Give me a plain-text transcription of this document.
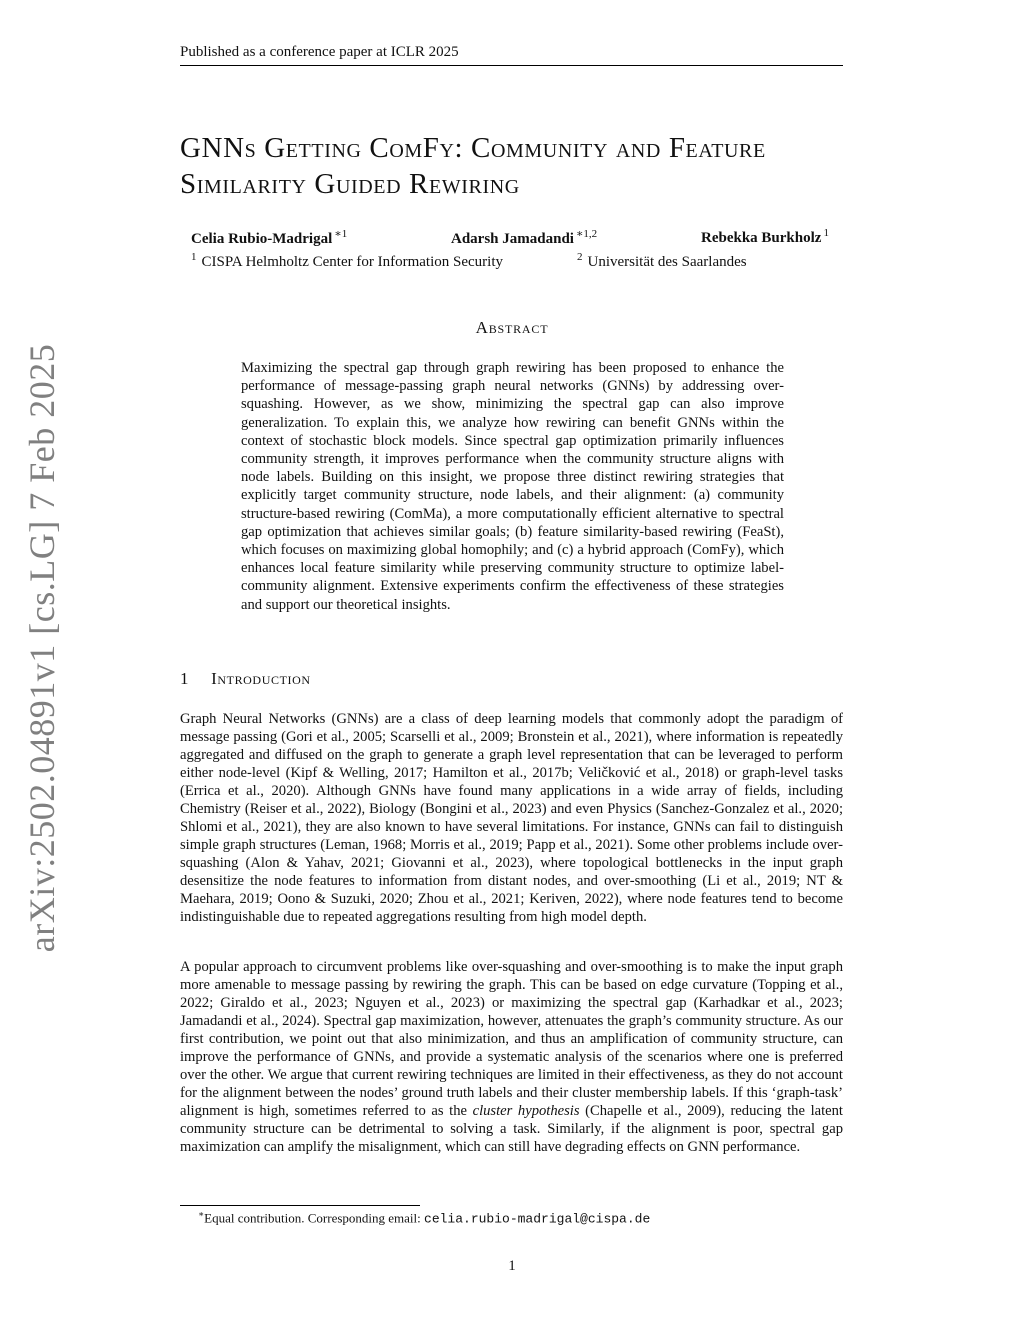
Published as a conference paper at ICLR 2025
arXiv:2502.04891v1 [cs.LG] 7 Feb 2025
GNNs Getting ComFy: Community and Feature
Similarity Guided Rewiring
Celia Rubio-Madrigal $^{∗1}$	Adarsh Jamadandi $^{∗1,2}$	Rebekka Burkholz $^1$
$^1$ CISPA Helmholtz Center for Information Security	$^2$ Universität des Saarlandes
Abstract
Maximizing the spectral gap through graph rewiring has been proposed to enhance the performance of message-passing graph neural networks (GNNs) by addressing over-squashing. However, as we show, minimizing the spectral gap can also improve generalization. To explain this, we analyze how rewiring can benefit GNNs within the context of stochastic block models. Since spectral gap optimization primarily influences community strength, it improves performance when the community structure aligns with node labels. Building on this insight, we propose three distinct rewiring strategies that explicitly target community structure, node labels, and their alignment: (a) community structure-based rewiring (ComMa), a more computationally efficient alternative to spectral gap optimization that achieves similar goals; (b) feature similarity-based rewiring (FeaSt), which focuses on maximizing global homophily; and (c) a hybrid approach (ComFy), which enhances local feature similarity while preserving community structure to optimize label-community alignment. Extensive experiments confirm the effectiveness of these strategies and support our theoretical insights.
1 Introduction
Graph Neural Networks (GNNs) are a class of deep learning models that commonly adopt the paradigm of message passing (Gori et al., 2005; Scarselli et al., 2009; Bronstein et al., 2021), where information is repeatedly aggregated and diffused on the graph to generate a graph level representation that can be leveraged to perform either node-level (Kipf & Welling, 2017; Hamilton et al., 2017b; Veličković et al., 2018) or graph-level tasks (Errica et al., 2020). Although GNNs have found many applications in a wide array of fields, including Chemistry (Reiser et al., 2022), Biology (Bongini et al., 2023) and even Physics (Sanchez-Gonzalez et al., 2020; Shlomi et al., 2021), they are also known to have several limitations. For instance, GNNs can fail to distinguish simple graph structures (Leman, 1968; Morris et al., 2019; Papp et al., 2021). Some other problems include over-squashing (Alon & Yahav, 2021; Giovanni et al., 2023), where topological bottlenecks in the input graph desensitize the node features to information from distant nodes, and over-smoothing (Li et al., 2019; NT & Maehara, 2019; Oono & Suzuki, 2020; Zhou et al., 2021; Keriven, 2022), where node features tend to become indistinguishable due to repeated aggregations resulting from high model depth.
A popular approach to circumvent problems like over-squashing and over-smoothing is to make the input graph more amenable to message passing by rewiring the graph. This can be based on edge curvature (Topping et al., 2022; Giraldo et al., 2023; Nguyen et al., 2023) or maximizing the spectral gap (Karhadkar et al., 2023; Jamadandi et al., 2024). Spectral gap maximization, however, attenuates the graph’s community structure. As our first contribution, we point out that also minimization, and thus an amplification of community structure, can improve the performance of GNNs, and provide a systematic analysis of the scenarios where one is preferred over the other. We argue that current rewiring techniques are limited in their effectiveness, as they do not account for the alignment between the nodes’ ground truth labels and their cluster membership labels. If this ‘graph-task’ alignment is high, sometimes referred to as the cluster hypothesis (Chapelle et al., 2009), reducing the latent community structure can be detrimental to solving a task. Similarly, if the alignment is poor, spectral gap maximization can amplify the misalignment, which can still have degrading effects on GNN performance.
∗Equal contribution. Corresponding email: celia.rubio-madrigal@cispa.de
1
